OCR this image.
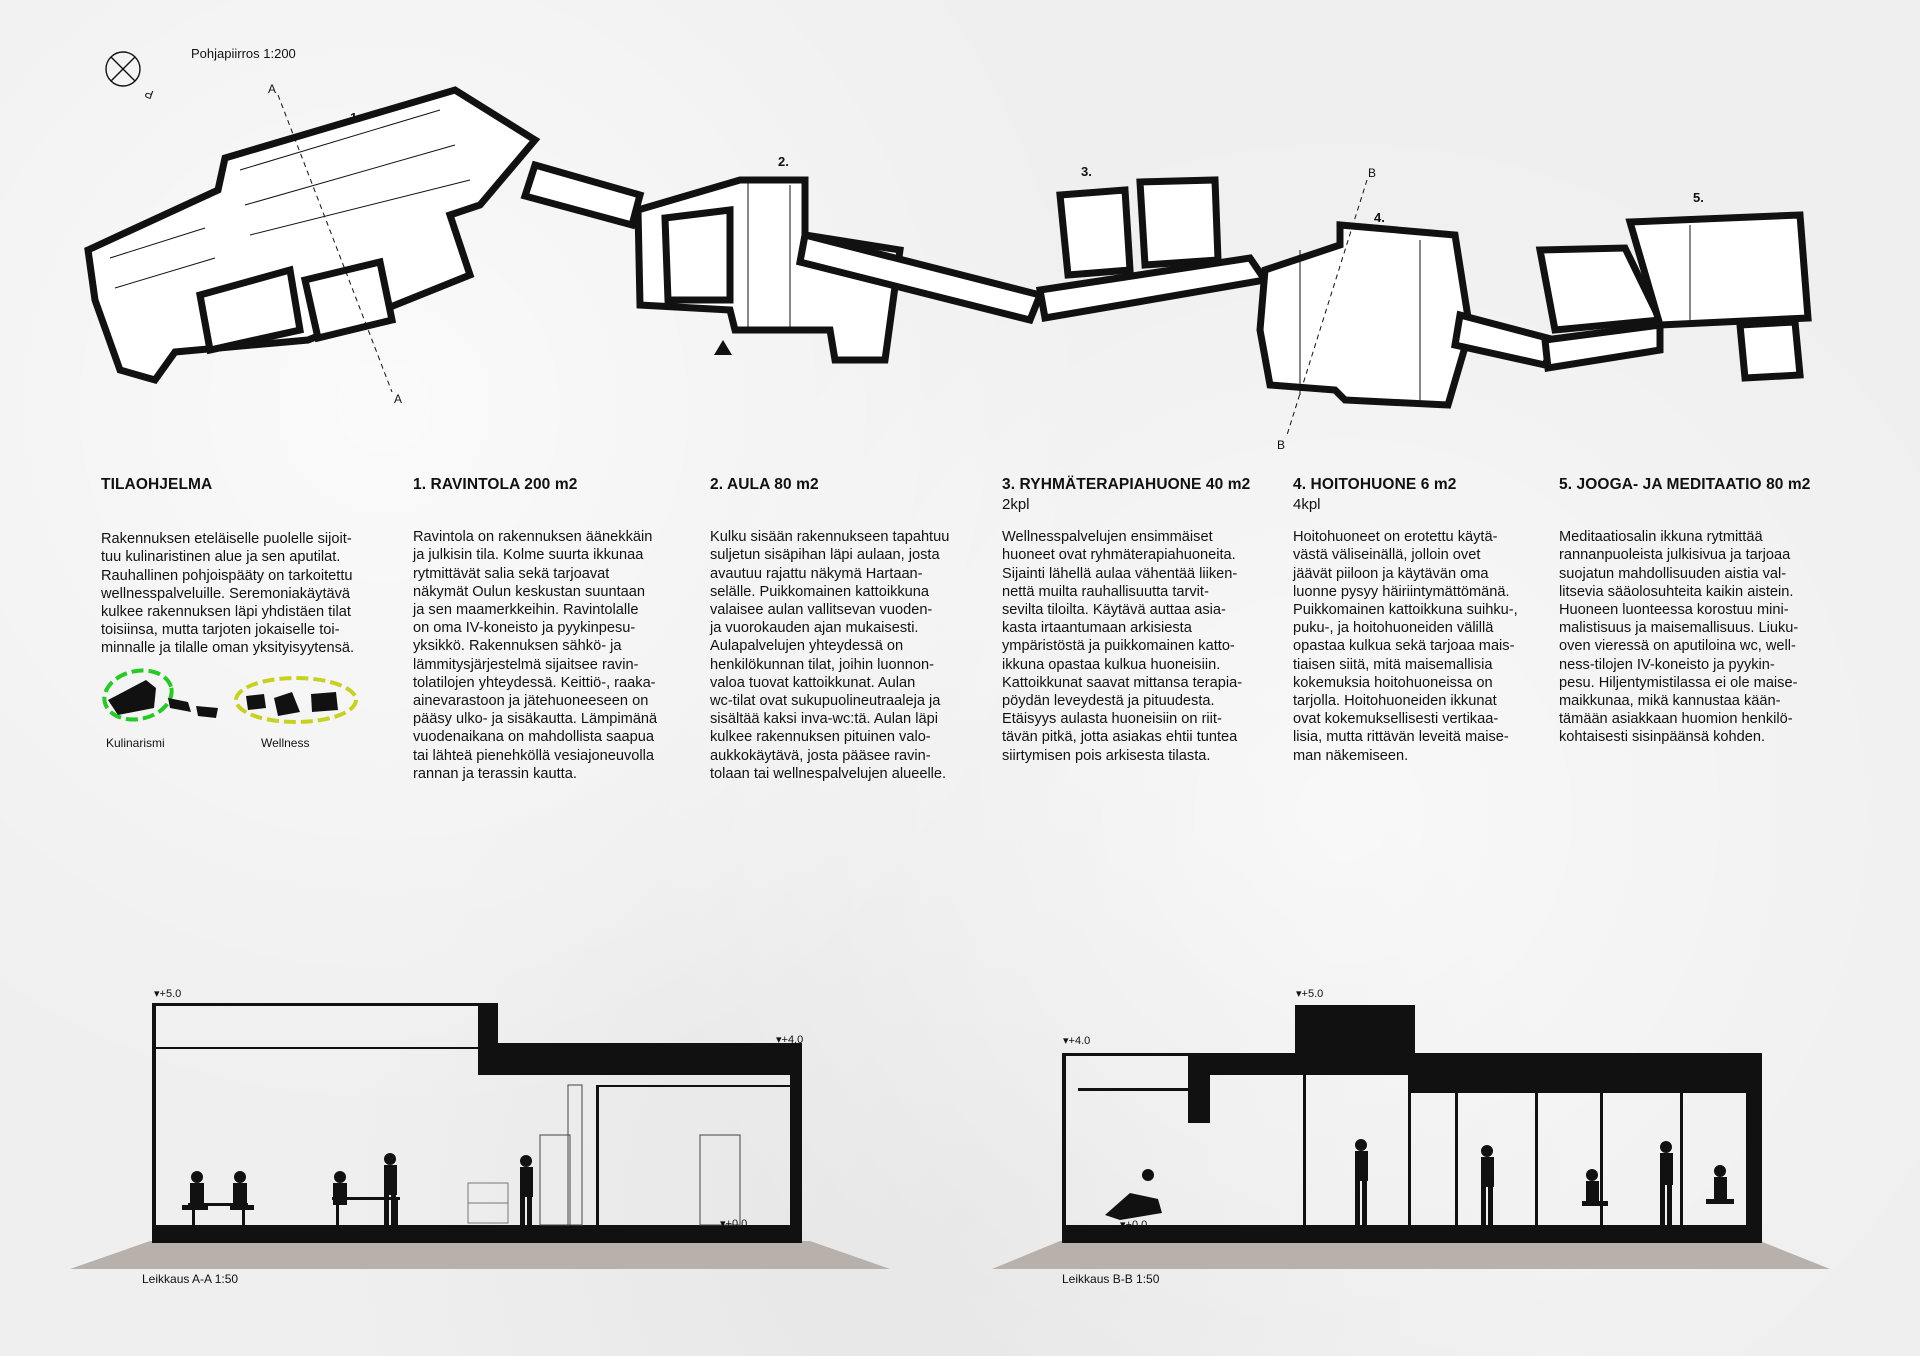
P
Pohjapiirros 1:200
A
A
B
B
1.
2.
3.
4.
5.
TILAOHJELMA

Rakennuksen eteläiselle puolelle sijoit-
tuu kulinaristinen alue ja sen aputilat.
Rauhallinen pohjoispääty on tarkoitettu
wellnesspalveluille. Seremoniakäytävä
kulkee rakennuksen läpi yhdistäen tilat
toisiinsa, mutta tarjoten jokaiselle toi-
minnalle ja tilalle oman yksityisyytensä.

1. RAVINTOLA 200 m2

Ravintola on rakennuksen äänekkäin
ja julkisin tila. Kolme suurta ikkunaa
rytmittävät salia sekä tarjoavat
näkymät Oulun keskustan suuntaan
ja sen maamerkkeihin. Ravintolalle
on oma IV-koneisto ja pyykinpesu-
yksikkö. Rakennuksen sähkö- ja
lämmitysjärjestelmä sijaitsee ravin-
tolatilojen yhteydessä. Keittiö-, raaka-
ainevarastoon ja jätehuoneeseen on
pääsy ulko- ja sisäkautta. Lämpimänä
vuodenaikana on mahdollista saapua
tai lähteä pienehköllä vesiajoneuvolla
rannan ja terassin kautta.

2. AULA 80 m2

Kulku sisään rakennukseen tapahtuu
suljetun sisäpihan läpi aulaan, josta
avautuu rajattu näkymä Hartaan-
selälle. Puikkomainen kattoikkuna
valaisee aulan vallitsevan vuoden-
ja vuorokauden ajan mukaisesti.
Aulapalvelujen yhteydessä on
henkilökunnan tilat, joihin luonnon-
valoa tuovat kattoikkunat. Aulan
wc-tilat ovat sukupuolineutraaleja ja
sisältää kaksi inva-wc:tä. Aulan läpi
kulkee rakennuksen pituinen valo-
aukkokäytävä, josta pääsee ravin-
tolaan tai wellnespalvelujen alueelle.

3. RYHMÄTERAPIAHUONE 40 m2
2kpl

Wellnesspalvelujen ensimmäiset
huoneet ovat ryhmäterapiahuoneita.
Sijainti lähellä aulaa vähentää liiken-
nettä muilta rauhallisuutta tarvit-
sevilta tiloilta. Käytävä auttaa asia-
kasta irtaantumaan arkisiesta
ympäristöstä ja puikkomainen katto-
ikkuna opastaa kulkua huoneisiin.
Kattoikkunat saavat mittansa terapia-
pöydän leveydestä ja pituudesta.
Etäisyys aulasta huoneisiin on riit-
tävän pitkä, jotta asiakas ehtii tuntea
siirtymisen pois arkisesta tilasta.

4. HOITOHUONE 6 m2
4kpl

Hoitohuoneet on erotettu käytä-
västä väliseinällä, jolloin ovet
jäävät piiloon ja käytävän oma
luonne pysyy häiriintymättömänä.
Puikkomainen kattoikkuna suihku-,
puku-, ja hoitohuoneiden välillä
opastaa kulkua sekä tarjoaa mais-
tiaisen siitä, mitä maisemallisia
kokemuksia hoitohuoneissa on
tarjolla. Hoitohuoneiden ikkunat
ovat kokemuksellisesti vertikaa-
lisia, mutta rittävän leveitä maise-
man näkemiseen.

5. JOOGA- JA MEDITAATIO 80 m2

Meditaatiosalin ikkuna rytmittää
rannanpuoleista julkisivua ja tarjoaa
suojatun mahdollisuuden aistia val-
litsevia sääolosuhteita kaikin aistein.
Huoneen luonteessa korostuu mini-
malistisuus ja maisemallisuus. Liuku-
oven vieressä on aputiloina wc, well-
ness-tilojen IV-koneisto ja pyykin-
pesu. Hiljentymistilassa ei ole maise-
maikkunaa, mikä kannustaa kään-
tämään asiakkaan huomion henkilö-
kohtaisesti sisinpäänsä kohden.

Kulinarismi	Wellness
▾+5.0
▾+4.0
▾+0.0
Leikkaus A-A 1:50
▾+5.0
▾+4.0
▾+0.0
Leikkaus B-B 1:50
